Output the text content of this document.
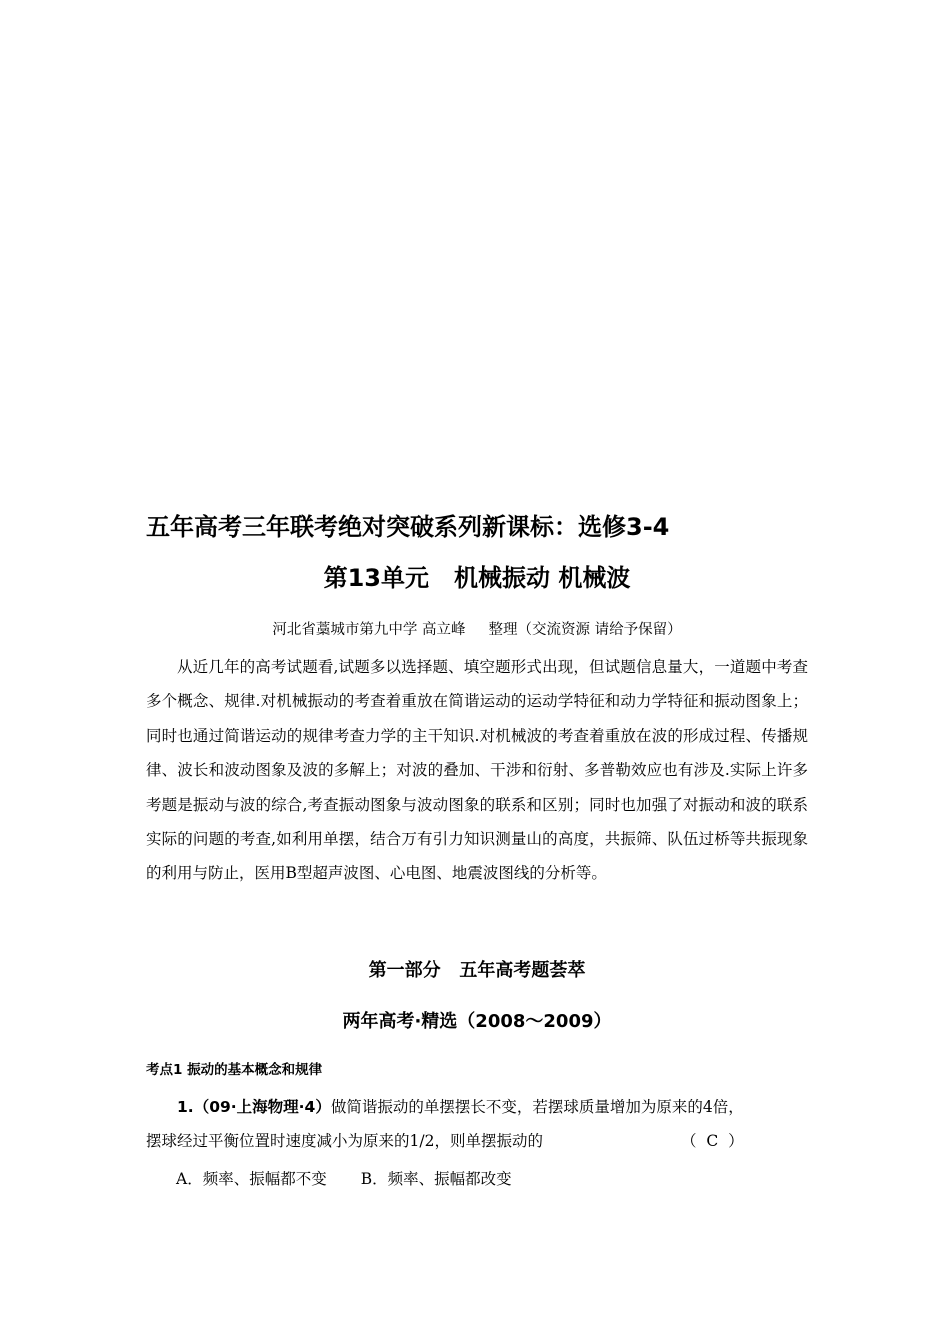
五年高考三年联考绝对突破系列新课标：选修3-4
第13单元   机械振动 机械波
河北省藁城市第九中学 高立峰     整理（交流资源 请给予保留）

从近几年的高考试题看,试题多以选择题、填空题形式出现，但试题信息量大，一道题中考查多个概念、规律.对机械振动的考查着重放在简谐运动的运动学特征和动力学特征和振动图象上；同时也通过简谐运动的规律考查力学的主干知识.对机械波的考查着重放在波的形成过程、传播规律、波长和波动图象及波的多解上；对波的叠加、干涉和衍射、多普勒效应也有涉及.实际上许多考题是振动与波的综合,考查振动图象与波动图象的联系和区别；同时也加强了对振动和波的联系实际的问题的考查,如利用单摆，结合万有引力知识测量山的高度，共振筛、队伍过桥等共振现象的利用与防止，医用B型超声波图、心电图、地震波图线的分析等。

第一部分   五年高考题荟萃
两年高考·精选（2008～2009）
考点1 振动的基本概念和规律
1.（09·上海物理·4）做简谐振动的单摆摆长不变，若摆球质量增加为原来的4倍，
摆球经过平衡位置时速度减小为原来的1/2，则单摆振动的	（  C  ）
A．频率、振幅都不变 B．频率、振幅都改变
